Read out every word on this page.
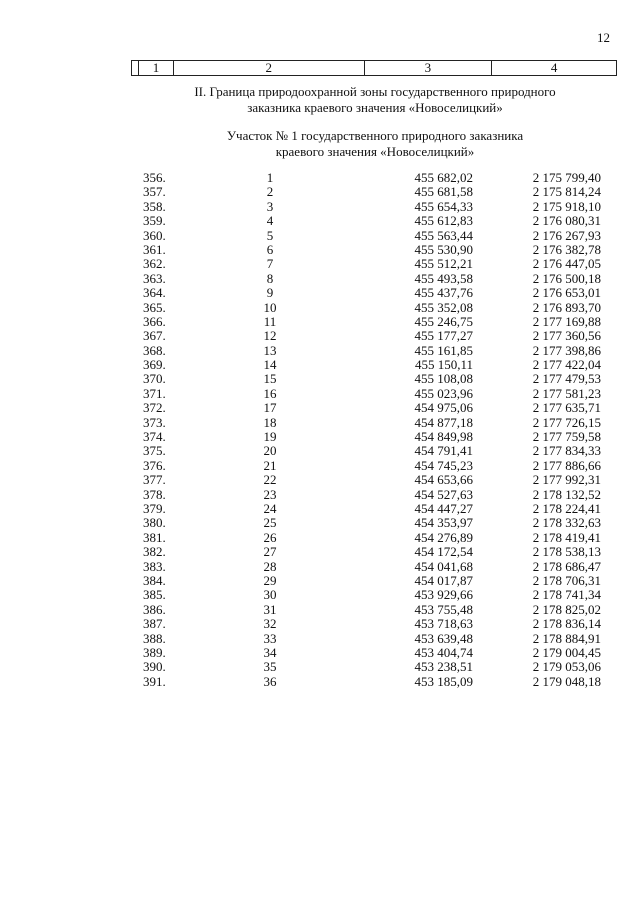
12
	1	2	3	4
II. Граница природоохранной зоны государственного природного
заказника краевого значения «Новоселицкий»
Участок № 1 государственного природного заказника
краевого значения «Новоселицкий»
356.	1	455 682,02	2 175 799,40
357.	2	455 681,58	2 175 814,24
358.	3	455 654,33	2 175 918,10
359.	4	455 612,83	2 176 080,31
360.	5	455 563,44	2 176 267,93
361.	6	455 530,90	2 176 382,78
362.	7	455 512,21	2 176 447,05
363.	8	455 493,58	2 176 500,18
364.	9	455 437,76	2 176 653,01
365.	10	455 352,08	2 176 893,70
366.	11	455 246,75	2 177 169,88
367.	12	455 177,27	2 177 360,56
368.	13	455 161,85	2 177 398,86
369.	14	455 150,11	2 177 422,04
370.	15	455 108,08	2 177 479,53
371.	16	455 023,96	2 177 581,23
372.	17	454 975,06	2 177 635,71
373.	18	454 877,18	2 177 726,15
374.	19	454 849,98	2 177 759,58
375.	20	454 791,41	2 177 834,33
376.	21	454 745,23	2 177 886,66
377.	22	454 653,66	2 177 992,31
378.	23	454 527,63	2 178 132,52
379.	24	454 447,27	2 178 224,41
380.	25	454 353,97	2 178 332,63
381.	26	454 276,89	2 178 419,41
382.	27	454 172,54	2 178 538,13
383.	28	454 041,68	2 178 686,47
384.	29	454 017,87	2 178 706,31
385.	30	453 929,66	2 178 741,34
386.	31	453 755,48	2 178 825,02
387.	32	453 718,63	2 178 836,14
388.	33	453 639,48	2 178 884,91
389.	34	453 404,74	2 179 004,45
390.	35	453 238,51	2 179 053,06
391.	36	453 185,09	2 179 048,18
